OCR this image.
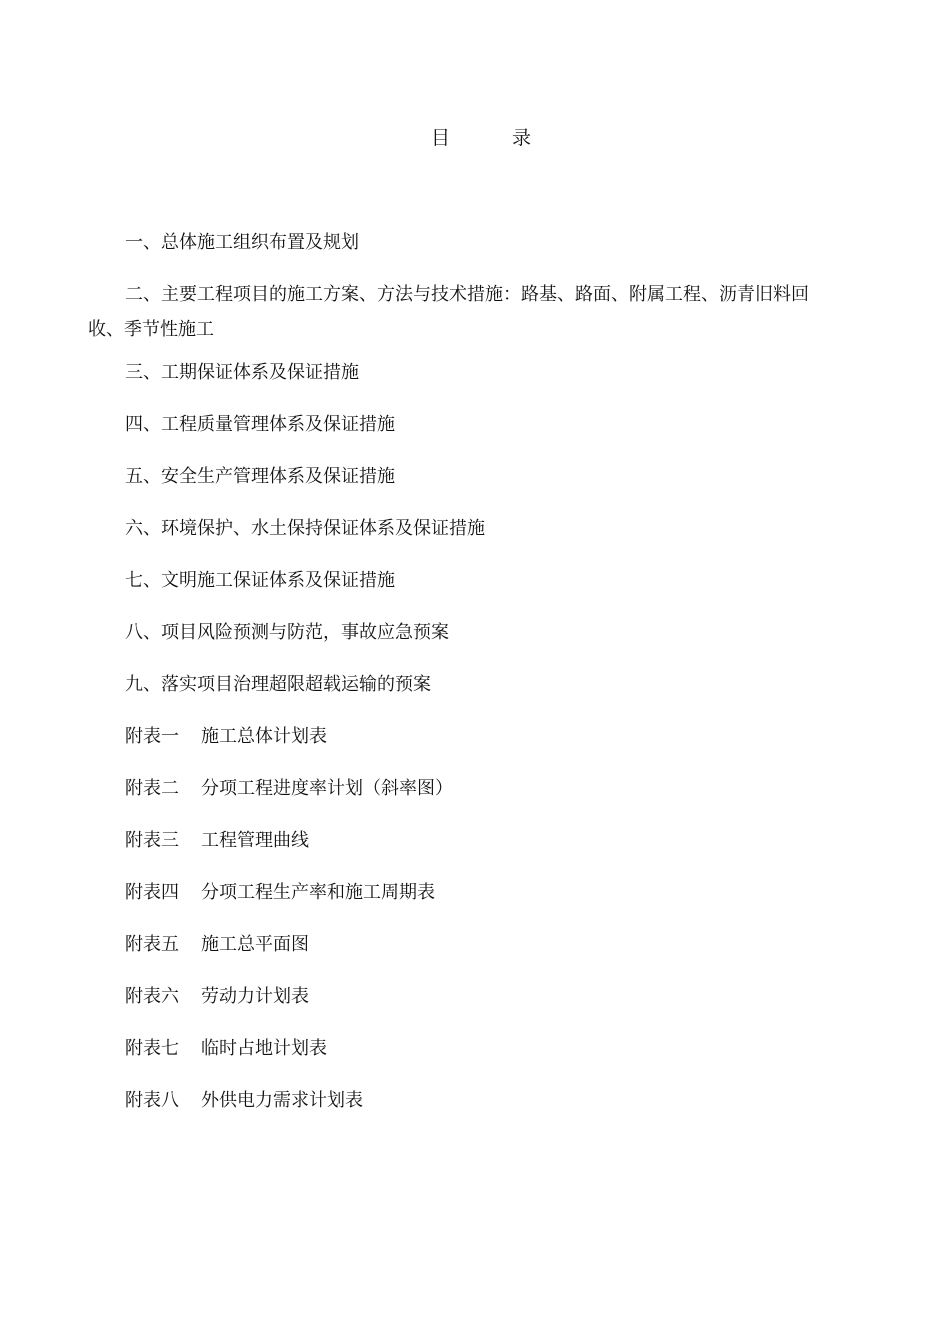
目 录
一、总体施工组织布置及规划
二、主要工程项目的施工方案、方法与技术措施：路基、路面、附属工程、沥青旧料回
收、季节性施工
三、工期保证体系及保证措施
四、工程质量管理体系及保证措施
五、安全生产管理体系及保证措施
六、环境保护、水土保持保证体系及保证措施
七、文明施工保证体系及保证措施
八、项目风险预测与防范，事故应急预案
九、落实项目治理超限超载运输的预案
附表一 施工总体计划表
附表二 分项工程进度率计划（斜率图）
附表三 工程管理曲线
附表四 分项工程生产率和施工周期表
附表五 施工总平面图
附表六 劳动力计划表
附表七 临时占地计划表
附表八 外供电力需求计划表
